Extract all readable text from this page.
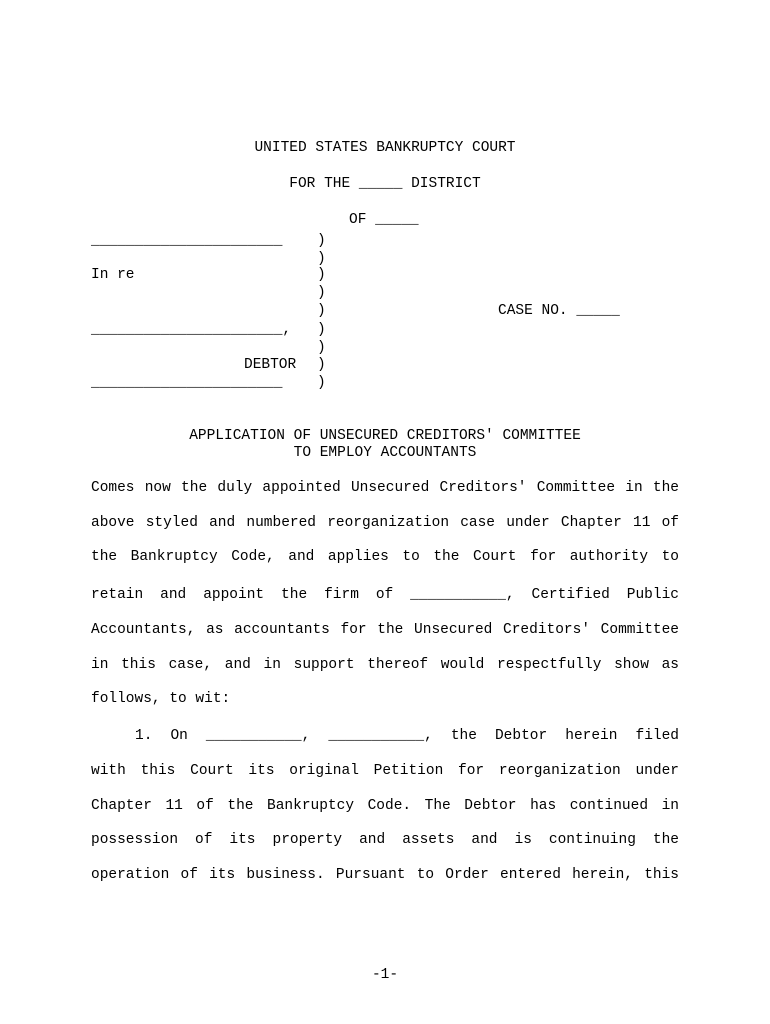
UNITED STATES BANKRUPTCY COURT
FOR THE _____ DISTRICT
OF _____
______________________
In re
______________________,
DEBTOR
______________________
)
)
)
)
)
)
)
)
)
CASE NO. _____
APPLICATION OF UNSECURED CREDITORS' COMMITTEE
TO EMPLOY ACCOUNTANTS
Comes now the duly appointed Unsecured Creditors' Committee in the
above styled and numbered reorganization case under Chapter 11 of
the Bankruptcy Code, and applies to the Court for authority to
retain and appoint the firm of ___________, Certified Public
Accountants, as accountants for the Unsecured Creditors' Committee
in this case, and in support thereof would respectfully show as
follows, to wit:
1. On ___________, ___________, the Debtor herein filed
with this Court its original Petition for reorganization under
Chapter 11 of the Bankruptcy Code. The Debtor has continued in
possession of its property and assets and is continuing the
operation of its business. Pursuant to Order entered herein, this
-1-
